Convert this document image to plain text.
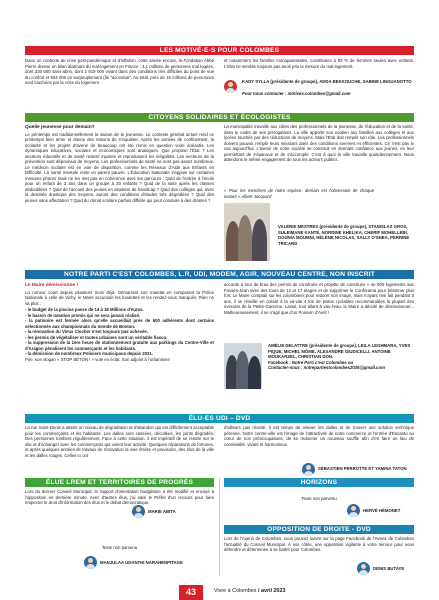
LES MOTIVÉ-E-S POUR COLOMBES

Dans un contexte de crise post-pandémique et d'inflation, cette année encore, la Fondation Abbé Pierre dresse un bilan alarmant du mal-logement en France : 4,1 millions de personnes mal logées, dont 330 000 sans-abris, dont 2 819 000 vivant dans des conditions très difficiles du point de vue du confort et 934 000 en surpeuplement (lié "accentué". Au total, près de 15 millions de personnes sont touchées par la crise du logement

et notamment les familles monoparentales, constituées à 83 % de femmes seules avec enfants. L'État ne semble toujours pas avoir pris la mesure du mal-logement.

KADY SYLLA (présidente de groupe), ADDA BEKKOUCHE, SABINE LINGUANOTTO
Pour nous contacter : motives.colombes@gmail.com
CITOYENS SOLIDAIRES ET ÉCOLOGISTES

Quelle jeunesse pour demain?

Le printemps est traditionnellement la saison de la jeunesse. Le contexte général actuel rend ce printemps bien amer et donne des raisons de s'inquiéter. Après les années de confinement, la scolarité et les projets d'avenir de beaucoup ont été remis en question voire anéantis. Les dynamiques éducatives, sociales et économiques sont analogues. Que propose l'État ? Les secteurs éducatifs et de santé restent injustes et reproduisent les inégalités. Les secteurs de la prévention sont dépourvus de moyens. Les professionnels de santé ne sont pas assez nombreux. Le médecin scolaire est en voie de disparition, comme les Réseaux d'Aide aux Enfants en Difficulté. La santé mentale reste un parent pauvre. L'Éducation Nationale s'appuie sur certaines mesures phares mais ne les met pas en cohérence avec les parcours : Quid de l'entrée à l'école pour un enfant de 3 ans dans un groupe à 30 enfants ? Quid de la suite après les classes dédoublées ? Quid de l'accueil des jeunes en situation de handicap ? Quid des collèges qui, avec la destinée drastique des moyens, auront des conditions d'études très dégradées ? Quid des jeunes sans affectation ? Quid du climat scolaire parfois difficile qui peut conduire à des drames ?

La municipalité travaille aux côtés des professionnels de la jeunesse, de l'éducation et de la santé, dans le cadre de ses prérogatives. La ville apporte son soutien aux familles aux collèges et aux lycées touchés par des réductions de moyens. Mais l'État doit remplir son rôle. Les professionnels doivent pouvoir remplir leurs missions dans des conditions sereines et efficientes. Ce n'est pas le cas aujourd'hui. L'avenir de notre société se construit en donnant confiance aux jeunes, en leur permettant de s'épanouir et de s'accomplir. C'est à quoi la ville travaille quotidiennement. Nous attendons le même engagement de tous les acteurs publics.

« Pour les membres de notre espèce, demain est l'obsession de chaque instant » Albert Jacquard

VALÉRIE MESTRES (présidente de groupe), STANISLAS GROS, SULEIMANE KANTÉ, NORDINE KHELIKA, CHERIF MOHELLEBI, DOUNIA MOUMNI, HÉLÈNE NICOLAS, SALLY O'SHEA, PERRINE TRICARD
NOTRE PARTI C'EST COLOMBES, L.R, UDI, MODEM, AGIR, NOUVEAU CENTRE, NON INSCRIT

Le Maire démissionne !

La rumeur court depuis plusieurs mois déjà. Démarrant son mandat en comparant la Police Nationale à celle de Vichy, le Maire accumule les boulettes et les rendez-vous manqués. Rien ne va plus :

- le budget de la piscine passe de 14 à 18 Millions d'euros.
- le bassin de natation promis qui ne sera jamais réalisé.
- la patinoire est fermée alors qu'elle accueillait près de 600 adhérents dont certains sélectionnés aux championnats du monde de Boston.
- la rénovation du Vieux Clocher n'est toujours pas achevée.
- les permis de végétaliser et toutes urbaines sont un véritable fiasco.
- la suppression de la 1ère heure de stationnement gratuite aux parkings du Centre-Ville et d'Aragon pénalisent les commerçants et les habitants.
- la démission de nombreux Policiers municipaux depuis 2021.

Pire, son slogan « STOP BÉTON ! » vole en éclat. Son adjoint à l'urbanisme

accorde à tour de bras des permis de construire et projette de construire « 4e 900 logements aux Fossés-Jean avec des tours de 12 et 17 étages et de supprimer le Conforama pour bétonner plus fort. Le Maire comptait sur les colombiens pour redorer son image, mais n'ayant rien fait pendant 3 ans, il se réveille en créant à la va-vite 4 km de pistes cyclables recommandées la plupart des riverains de la Petite-Garenne. Lassé, tout allant à vau-l'eau, le Maire a décidé de démissionner... Malheureusement, il ne s'agit que d'un Poisson d'Avril !

AMÉLIE DELATTRE (présidente de groupe), LEILA LEGHMARA, YVES PIQUE, MICHEL MÔME, ALEXANDRE GIUDICELLI, ANTOINE MOUKARZEL, CHRISTIAN DON.
Facebook : Notre Parti c'est Colombes ou
Contacter-nous : notrepartiestcolombes2026@gmail.com
ÉLU-ES UDI – DVD

La rue Saint-Denis a atteint un niveau de dégradation et d'abandon qui est difficilement acceptable pour les commerçants et les habitants. Les dalles sont cassées, décollées, les joints dégradés. Des personnes tombent régulièrement. Face à cette situation, il est impératif de se rendre sur le site et d'échanger avec les commerçants qui voient leur activité. Quelques réparations de fortunes, et après quelques années de travaux de rénovation la voie étroite et provisoire, des élus de la ville et les dalles rouges. Celles-ci ont

d'ailleurs pas résisté. Il est temps de relever les dalles et de trouver une solution technique pérenne. Notre centre-ville est l'image de l'attractivité de notre commerce et l'entrée d'Encanto au cœur de nos préoccupations, de lui redonner un nouveau souffle afin d'en faire un lieu de convivialité, vivant et harmonieux.

SÉBASTIEN PERROTTE ET YAMINA TATON
ÉLUE LREM ET TERRITOIRES DE PROGRÈS

Lors du dernier Conseil Municipal, le rapport d'orientation budgétaire a été modifié et envoyé à l'opposition en dernière minute. Avec d'autres élus, j'ai saisi le Préfet d'un recours pour faire respecter le droit d'information des élus et le débat démocratique.

MARIE ABITA
HORIZONS

Texte non parvenu

HERVÉ HÉMONET
OPPOSITION DE DROITE - DVD

Lors de l'Avenir de Colombes, vous pouvez suivre sur la page Facebook de l'Avenir de Colombes l'actualité du Conseil Municipal. À vos côtés, une opposition vigilante à votre service pour vous défendre et déterminée à se battre pour Colombes.

DENIS BUTAYE

Texte non parvenu

MANJULAA UDANTHI NARAHENPITAGE
43	Vivre à Colombes / avril 2023
